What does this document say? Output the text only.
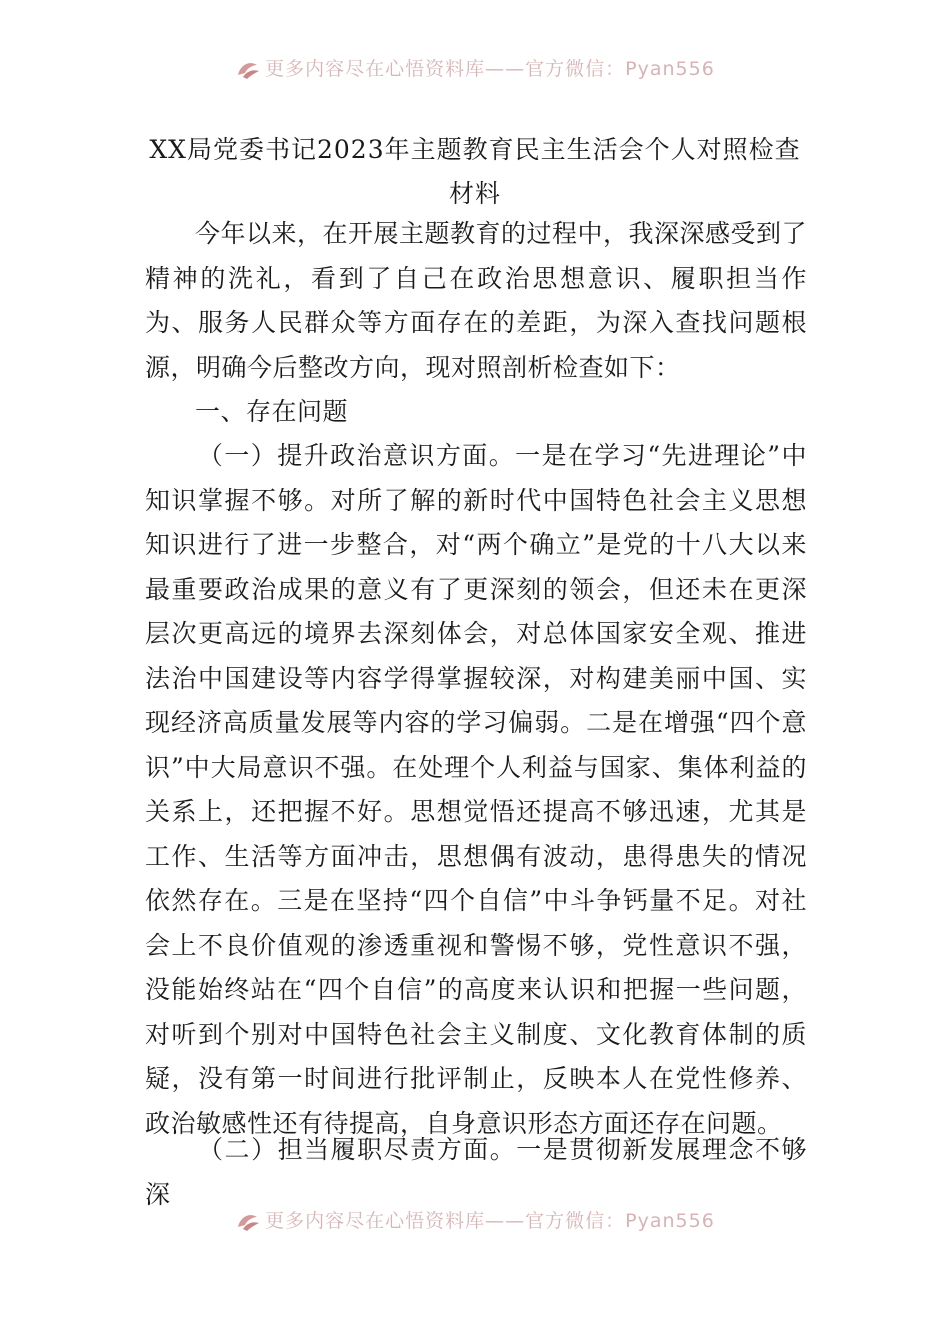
更多内容尽在心悟资料库——官方微信：Pyan556
XX局党委书记2023年主题教育民主生活会个人对照检查材料
今年以来，在开展主题教育的过程中，我深深感受到了精神的洗礼，看到了自己在政治思想意识、履职担当作为、服务人民群众等方面存在的差距，为深入查找问题根源，明确今后整改方向，现对照剖析检查如下：
一、存在问题
（一）提升政治意识方面。一是在学习“先进理论”中知识掌握不够。对所了解的新时代中国特色社会主义思想知识进行了进一步整合，对“两个确立”是党的十八大以来最重要政治成果的意义有了更深刻的领会，但还未在更深层次更高远的境界去深刻体会，对总体国家安全观、推进法治中国建设等内容学得掌握较深，对构建美丽中国、实现经济高质量发展等内容的学习偏弱。二是在增强“四个意识”中大局意识不强。在处理个人利益与国家、集体利益的关系上，还把握不好。思想觉悟还提高不够迅速，尤其是工作、生活等方面冲击，思想偶有波动，患得患失的情况依然存在。三是在坚持“四个自信”中斗争钙量不足。对社会上不良价值观的渗透重视和警惕不够，党性意识不强，没能始终站在“四个自信”的高度来认识和把握一些问题，对听到个别对中国特色社会主义制度、文化教育体制的质疑，没有第一时间进行批评制止，反映本人在党性修养、政治敏感性还有待提高，自身意识形态方面还存在问题。
（二）担当履职尽责方面。一是贯彻新发展理念不够深
更多内容尽在心悟资料库——官方微信：Pyan556
